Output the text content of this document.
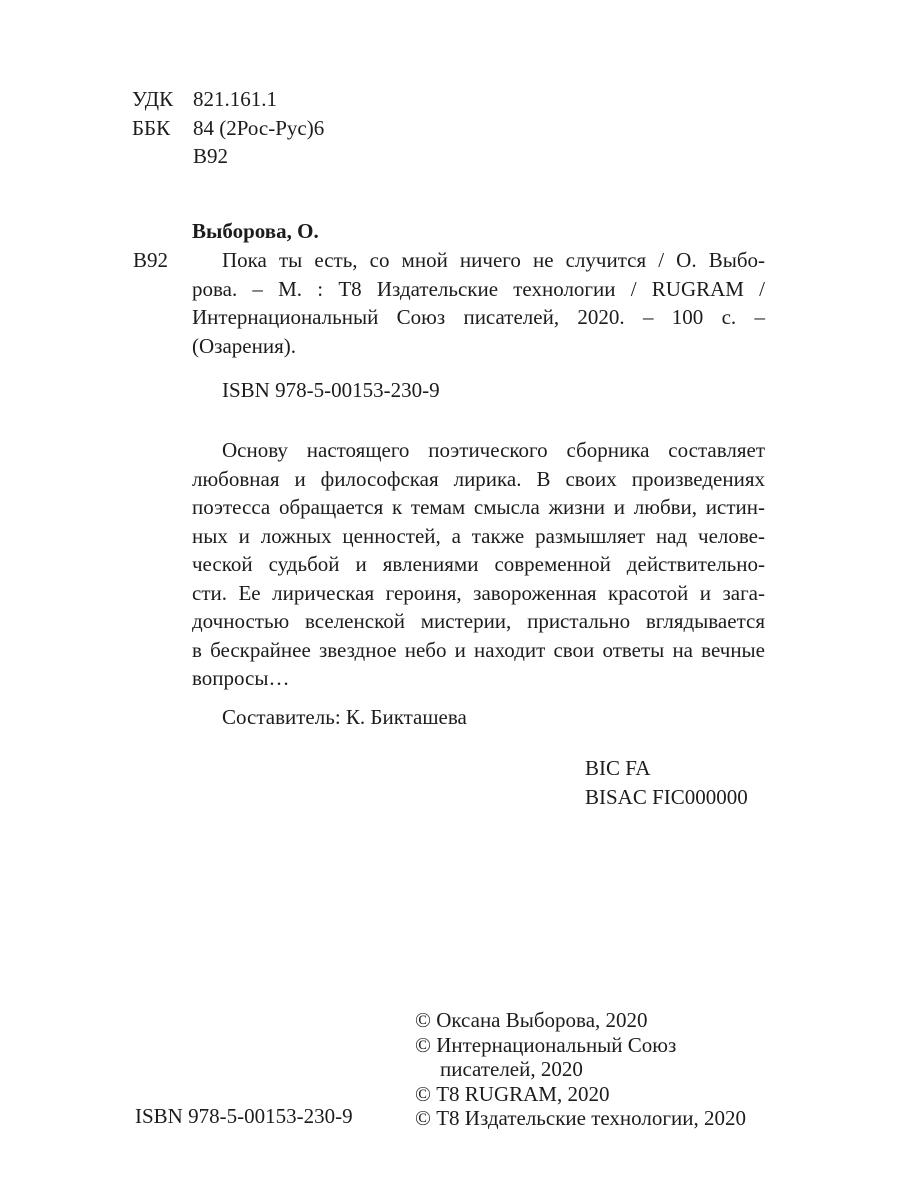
УДК 821.161.1
ББК	84 (2Рос-Рус)6
В92
Выборова, О.
В92	Пока ты есть, со мной ничего не случится / О. Выбо-
рова. – М. : Т8 Издательские технологии / RUGRAM /
Интернациональный Союз писателей, 2020. – 100 с. –
(Озарения).
ISBN 978-5-00153-230-9
Основу настоящего поэтического сборника составляет
любовная и философская лирика. В своих произведениях
поэтесса обращается к темам смысла жизни и любви, истин-
ных и ложных ценностей, а также размышляет над челове-
ческой судьбой и явлениями современной действительно-
сти. Ее лирическая героиня, завороженная красотой и зага-
дочностью вселенской мистерии, пристально вглядывается
в бескрайнее звездное небо и находит свои ответы на вечные
вопросы…
Составитель: К. Бикташева
BIC FA
BISAC FIC000000
© Оксана Выборова, 2020
© Интернациональный Союз
писателей, 2020
© Т8 RUGRAM, 2020
© Т8 Издательские технологии, 2020
ISBN 978-5-00153-230-9
